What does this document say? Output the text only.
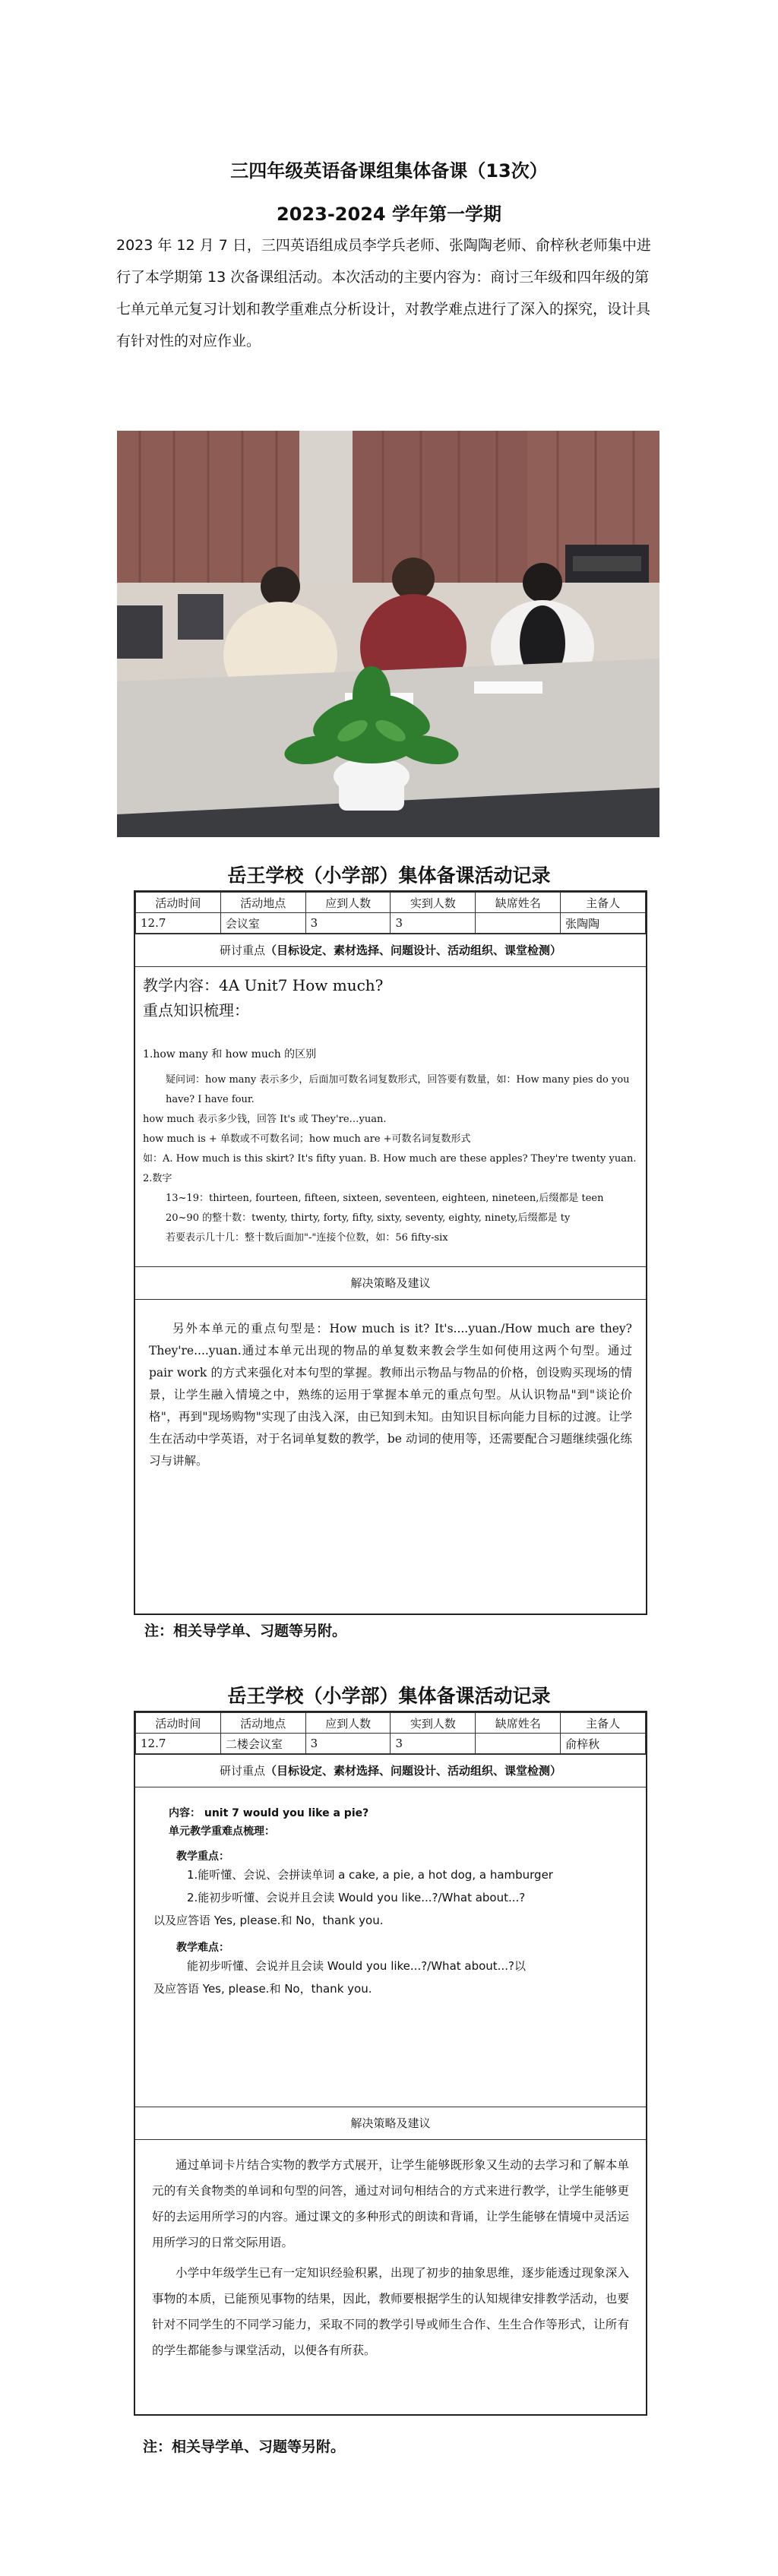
三四年级英语备课组集体备课（13次）
2023-2024 学年第一学期
2023 年 12 月 7 日，三四英语组成员李学兵老师、张陶陶老师、俞梓秋老师集中进行了本学期第 13 次备课组活动。本次活动的主要内容为：商讨三年级和四年级的第七单元单元复习计划和教学重难点分析设计，对教学难点进行了深入的探究，设计具有针对性的对应作业。
岳王学校（小学部）集体备课活动记录
活动时间	活动地点	应到人数	实到人数	缺席姓名	主备人
12.7	会议室	3	3		张陶陶
研讨重点（目标设定、素材选择、问题设计、活动组织、课堂检测）
教学内容：4A Unit7 How much?
重点知识梳理：

1.how many 和 how much 的区别

疑问词：how many 表示多少，后面加可数名词复数形式，回答要有数量，如：How many pies do you have? I have four.

how much 表示多少钱，回答 It's 或 They're…yuan.

how much is + 单数或不可数名词；how much are +可数名词复数形式

如：A. How much is this skirt? It's fifty yuan. B. How much are these apples? They're twenty yuan.

2.数字

13~19：thirteen, fourteen, fifteen, sixteen, seventeen, eighteen, nineteen,后缀都是 teen

20~90 的整十数：twenty, thirty, forty, fifty, sixty, seventy, eighty, ninety,后缀都是 ty

若要表示几十几：整十数后面加"-"连接个位数，如：56 fifty-six

解决策略及建议

另外本单元的重点句型是：How much is it? It's....yuan./How much are they?They're....yuan.通过本单元出现的物品的单复数来教会学生如何使用这两个句型。通过 pair work 的方式来强化对本句型的掌握。教师出示物品与物品的价格，创设购买现场的情景，让学生融入情境之中，熟练的运用于掌握本单元的重点句型。从认识物品"到"谈论价格"，再到"现场购物"实现了由浅入深，由已知到未知。由知识目标向能力目标的过渡。让学生在活动中学英语，对于名词单复数的教学，be 动词的使用等，还需要配合习题继续强化练习与讲解。

注：相关导学单、习题等另附。
岳王学校（小学部）集体备课活动记录
活动时间	活动地点	应到人数	实到人数	缺席姓名	主备人
12.7	二楼会议室	3	3		俞梓秋
研讨重点（目标设定、素材选择、问题设计、活动组织、课堂检测）
内容： unit 7 would you like a pie?
单元教学重难点梳理：
教学重点：
1.能听懂、会说、会拼读单词 a cake, a pie, a hot dog, a hamburger
2.能初步听懂、会说并且会读 Would you like...?/What about...?
以及应答语 Yes, please.和 No，thank you.
教学难点：
能初步听懂、会说并且会读 Would you like...?/What about...?以
及应答语 Yes, please.和 No，thank you.
解决策略及建议

通过单词卡片结合实物的教学方式展开，让学生能够既形象又生动的去学习和了解本单元的有关食物类的单词和句型的问答，通过对词句相结合的方式来进行教学，让学生能够更好的去运用所学习的内容。通过课文的多种形式的朗读和背诵，让学生能够在情境中灵活运用所学习的日常交际用语。

小学中年级学生已有一定知识经验积累，出现了初步的抽象思维，逐步能透过现象深入事物的本质，已能预见事物的结果，因此，教师要根据学生的认知规律安排教学活动，也要针对不同学生的不同学习能力，采取不同的教学引导或师生合作、生生合作等形式，让所有的学生都能参与课堂活动，以便各有所获。

注：相关导学单、习题等另附。
